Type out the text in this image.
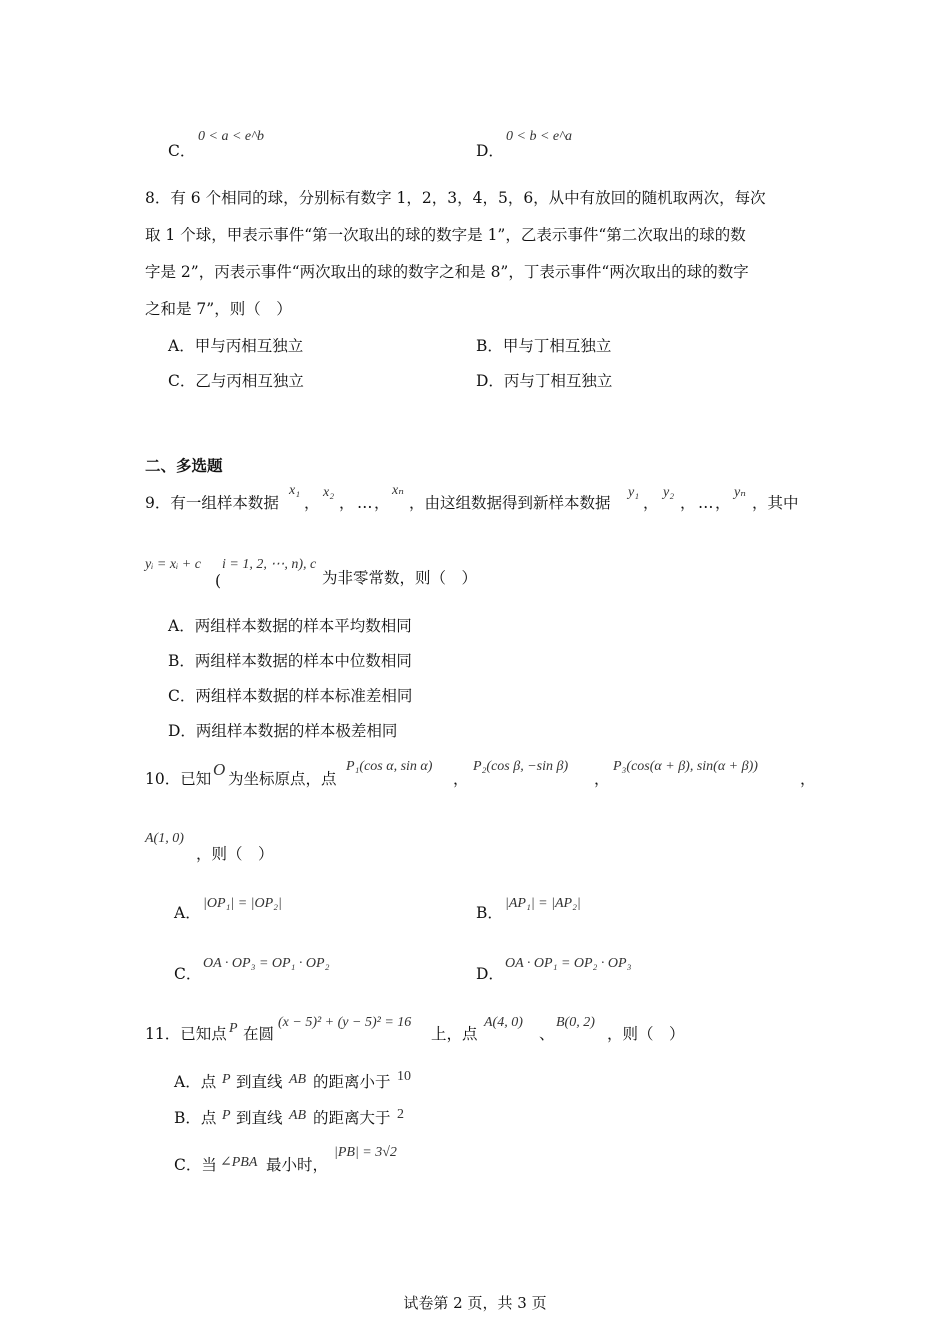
C．
0 < a < e^b
D．
0 < b < e^a
8．有 6 个相同的球，分别标有数字 1，2，3，4，5，6，从中有放回的随机取两次，每次
取 1 个球，甲表示事件“第一次取出的球的数字是 1”，乙表示事件“第二次取出的球的数
字是 2”，丙表示事件“两次取出的球的数字之和是 8”，丁表示事件“两次取出的球的数字
之和是 7”，则（　）
A．甲与丙相互独立	B．甲与丁相互独立
C．乙与丙相互独立	D．丙与丁相互独立
二、多选题
9．有一组样本数据
x₁
，
x₂
， … ，
xₙ
，由这组数据得到新样本数据
y₁
，
y₂
， … ，
yₙ
，其中
yᵢ = xᵢ + c
(
i = 1, 2, ⋯, n), c
为非零常数，则（　）
A．两组样本数据的样本平均数相同
B．两组样本数据的样本中位数相同
C．两组样本数据的样本标准差相同
D．两组样本数据的样本极差相同
10．已知 O 为坐标原点，点
P₁(cos α, sin α)
，
P₂(cos β, −sin β)
，
P₃(cos(α + β), sin(α + β))
，
A(1, 0)
，则（　）
A．
|OP₁| = |OP₂|
B．
|AP₁| = |AP₂|
C．
OA · OP₃ = OP₁ · OP₂
D．
OA · OP₁ = OP₂ · OP₃
11．已知点 P 在圆
(x − 5)² + (y − 5)² = 16
上，点
A(4, 0)
、
B(0, 2)
，则（　）
A．点 P 到直线 AB 的距离小于 10
B．点 P 到直线 AB 的距离大于 2
C．当 ∠PBA 最小时，
|PB| = 3√2
试卷第 2 页，共 3 页
